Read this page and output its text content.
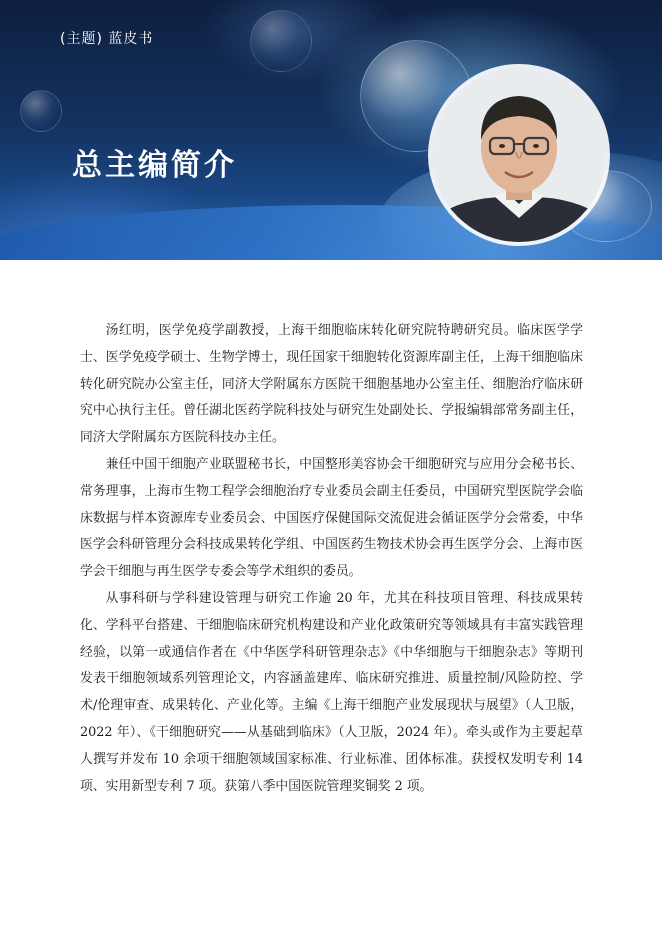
(主题) 蓝皮书
总主编简介

汤红明，医学免疫学副教授，上海干细胞临床转化研究院特聘研究员。临床医学学士、医学免疫学硕士、生物学博士，现任国家干细胞转化资源库副主任，上海干细胞临床转化研究院办公室主任，同济大学附属东方医院干细胞基地办公室主任、细胞治疗临床研究中心执行主任。曾任湖北医药学院科技处与研究生处副处长、学报编辑部常务副主任，同济大学附属东方医院科技办主任。

兼任中国干细胞产业联盟秘书长，中国整形美容协会干细胞研究与应用分会秘书长、常务理事，上海市生物工程学会细胞治疗专业委员会副主任委员，中国研究型医院学会临床数据与样本资源库专业委员会、中国医疗保健国际交流促进会循证医学分会常委，中华医学会科研管理分会科技成果转化学组、中国医药生物技术协会再生医学分会、上海市医学会干细胞与再生医学专委会等学术组织的委员。

从事科研与学科建设管理与研究工作逾 20 年，尤其在科技项目管理、科技成果转化、学科平台搭建、干细胞临床研究机构建设和产业化政策研究等领域具有丰富实践管理经验，以第一或通信作者在《中华医学科研管理杂志》《中华细胞与干细胞杂志》等期刊发表干细胞领域系列管理论文，内容涵盖建库、临床研究推进、质量控制/风险防控、学术/伦理审查、成果转化、产业化等。主编《上海干细胞产业发展现状与展望》（人卫版，2022 年）、《干细胞研究——从基础到临床》（人卫版，2024 年）。牵头或作为主要起草人撰写并发布 10 余项干细胞领域国家标准、行业标准、团体标准。获授权发明专利 14 项、实用新型专利 7 项。获第八季中国医院管理奖铜奖 2 项。
